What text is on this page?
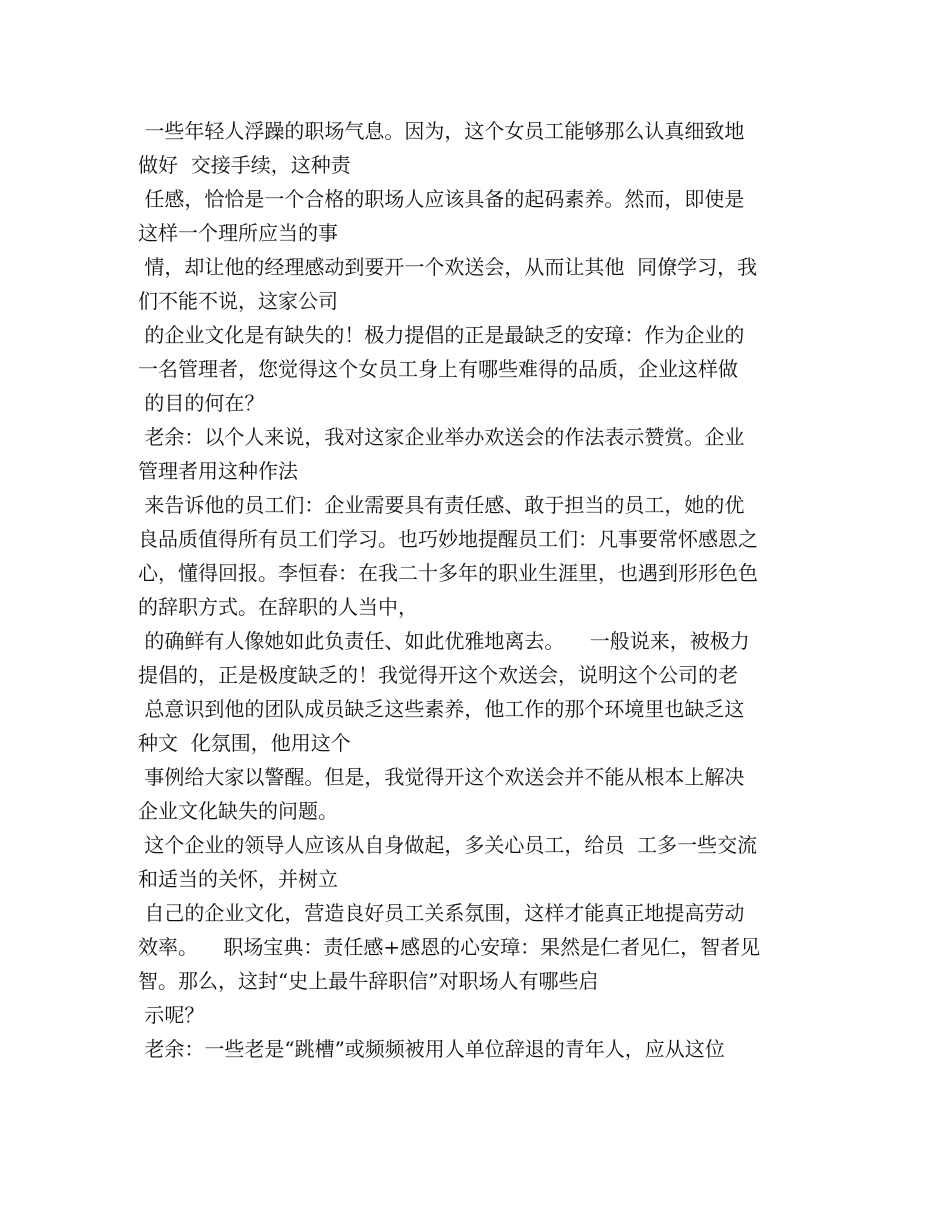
一些年轻人浮躁的职场气息。因为，这个女员工能够那么认真细致地
做好  交接手续，这种责
任感，恰恰是一个合格的职场人应该具备的起码素养。然而，即使是
这样一个理所应当的事
情，却让他的经理感动到要开一个欢送会，从而让其他  同僚学习，我
们不能不说，这家公司
的企业文化是有缺失的！极力提倡的正是最缺乏的安璋：作为企业的
一名管理者，您觉得这个女员工身上有哪些难得的品质，企业这样做
的目的何在？
老余：以个人来说，我对这家企业举办欢送会的作法表示赞赏。企业
管理者用这种作法
来告诉他的员工们：企业需要具有责任感、敢于担当的员工，她的优
良品质值得所有员工们学习。也巧妙地提醒员工们：凡事要常怀感恩之
心，懂得回报。李恒春：在我二十多年的职业生涯里，也遇到形形色色
的辞职方式。在辞职的人当中，
的确鲜有人像她如此负责任、如此优雅地离去。    一般说来，被极力
提倡的，正是极度缺乏的！我觉得开这个欢送会，说明这个公司的老
总意识到他的团队成员缺乏这些素养，他工作的那个环境里也缺乏这
种文  化氛围，他用这个
事例给大家以警醒。但是，我觉得开这个欢送会并不能从根本上解决
企业文化缺失的问题。
这个企业的领导人应该从自身做起，多关心员工，给员  工多一些交流
和适当的关怀，并树立
自己的企业文化，营造良好员工关系氛围，这样才能真正地提高劳动
效率。    职场宝典：责任感+感恩的心安璋：果然是仁者见仁，智者见
智。那么，这封“史上最牛辞职信”对职场人有哪些启
示呢？
老余：一些老是“跳槽”或频频被用人单位辞退的青年人，应从这位
